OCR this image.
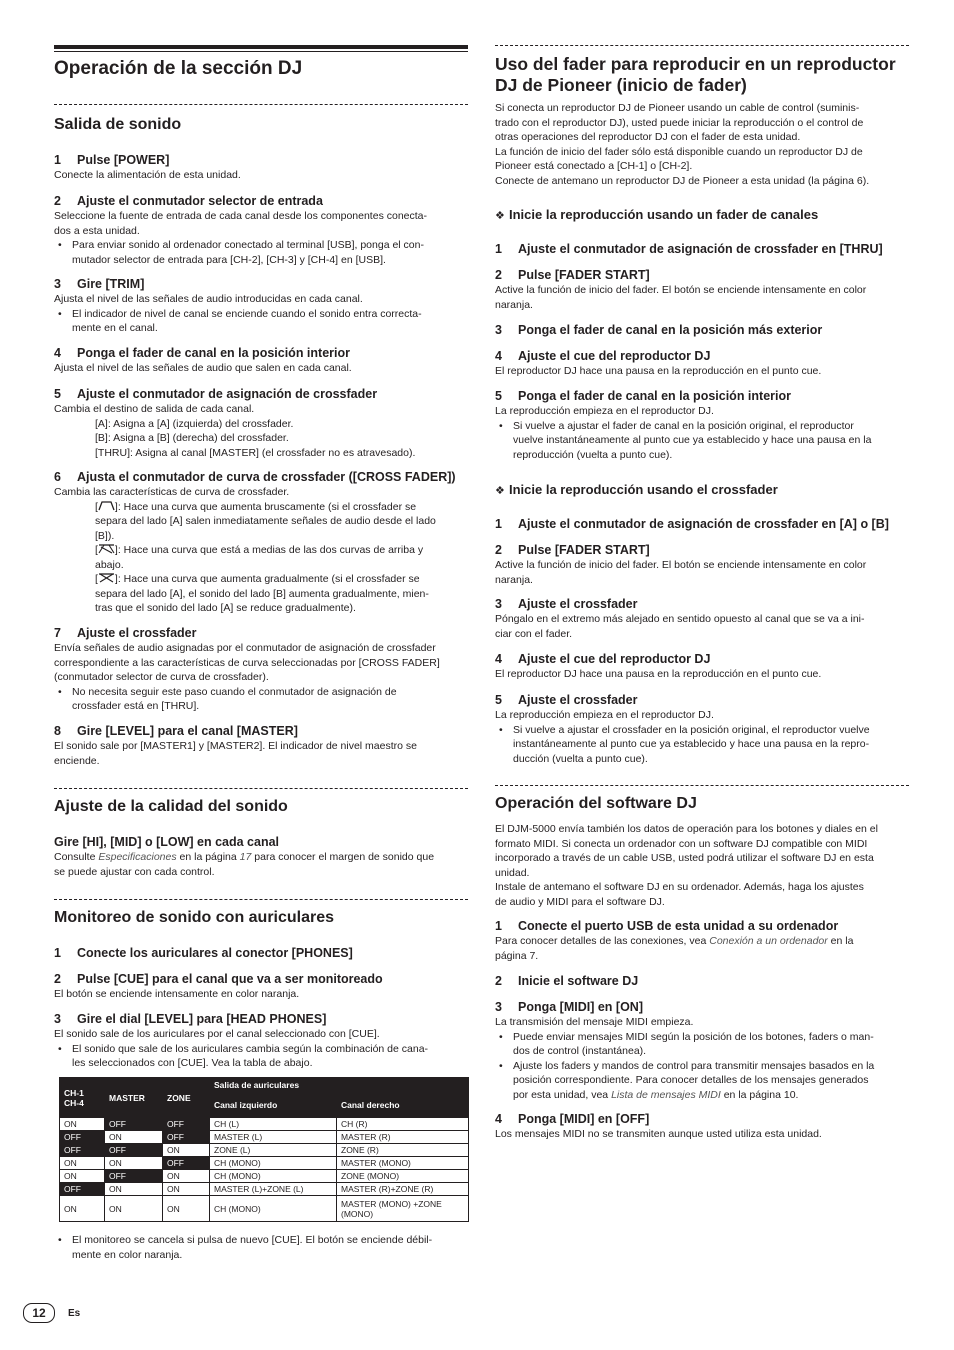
Operación de la sección DJ
Salida de sonido
1 Pulse [POWER]

Conecte la alimentación de esta unidad.

2 Ajuste el conmutador selector de entrada

Seleccione la fuente de entrada de cada canal desde los componentes conecta-

dos a esta unidad.

• Para enviar sonido al ordenador conectado al terminal [USB], ponga el con-
mutador selector de entrada para [CH-2], [CH-3] y [CH-4] en [USB].
3 Gire [TRIM]

Ajusta el nivel de las señales de audio introducidas en cada canal.

• El indicador de nivel de canal se enciende cuando el sonido entra correcta-
mente en el canal.
4 Ponga el fader de canal en la posición interior

Ajusta el nivel de las señales de audio que salen en cada canal.

5 Ajuste el conmutador de asignación de crossfader

Cambia el destino de salida de cada canal.

[A]: Asigna a [A] (izquierda) del crossfader.
[B]: Asigna a [B] (derecha) del crossfader.
[THRU]: Asigna al canal [MASTER] (el crossfader no es atravesado).
6 Ajusta el conmutador de curva de crossfader ([CROSS FADER])

Cambia las características de curva de crossfader.

[ ]: Hace una curva que aumenta bruscamente (si el crossfader se
separa del lado [A] salen inmediatamente señales de audio desde el lado
[B]).
[ ]: Hace una curva que está a medias de las dos curvas de arriba y
abajo.
[ ]: Hace una curva que aumenta gradualmente (si el crossfader se
separa del lado [A], el sonido del lado [B] aumenta gradualmente, mien-
tras que el sonido del lado [A] se reduce gradualmente).
7 Ajuste el crossfader

Envía señales de audio asignadas por el conmutador de asignación de crossfader

correspondiente a las características de curva seleccionadas por [CROSS FADER]

(conmutador selector de curva de crossfader).

• No necesita seguir este paso cuando el conmutador de asignación de
crossfader está en [THRU].
8 Gire [LEVEL] para el canal [MASTER]

El sonido sale por [MASTER1] y [MASTER2]. El indicador de nivel maestro se

enciende.

Ajuste de la calidad del sonido
Gire [HI], [MID] o [LOW] en cada canal

Consulte Especificaciones en la página 17 para conocer el margen de sonido que

se puede ajustar con cada control.

Monitoreo de sonido con auriculares
1 Conecte los auriculares al conector [PHONES]
2 Pulse [CUE] para el canal que va a ser monitoreado

El botón se enciende intensamente en color naranja.

3 Gire el dial [LEVEL] para [HEAD PHONES]

El sonido sale de los auriculares por el canal seleccionado con [CUE].

• El sonido que sale de los auriculares cambia según la combinación de cana-
les seleccionados con [CUE]. Vea la tabla de abajo.
CH-1
CH-4	MASTER	ZONE	Salida de auriculares	
			Canal izquierdo	Canal derecho
ON	OFF	OFF	CH (L)	CH (R)
OFF	ON	OFF	MASTER (L)	MASTER (R)
OFF	OFF	ON	ZONE (L)	ZONE (R)
ON	ON	OFF	CH (MONO)	MASTER (MONO)
ON	OFF	ON	CH (MONO)	ZONE (MONO)
OFF	ON	ON	MASTER (L)+ZONE (L)	MASTER (R)+ZONE (R)
ON	ON	ON	CH (MONO)	MASTER (MONO) +ZONE (MONO)
• El monitoreo se cancela si pulsa de nuevo [CUE]. El botón se enciende débil-
mente en color naranja.
Uso del fader para reproducir en un reproductor
DJ de Pioneer (inicio de fader)

Si conecta un reproductor DJ de Pioneer usando un cable de control (suminis-

trado con el reproductor DJ), usted puede iniciar la reproducción o el control de

otras operaciones del reproductor DJ con el fader de esta unidad.

La función de inicio del fader sólo está disponible cuando un reproductor DJ de

Pioneer está conectado a [CH-1] o [CH-2].

Conecte de antemano un reproductor DJ de Pioneer a esta unidad (la página 6).

❖ Inicie la reproducción usando un fader de canales
1 Ajuste el conmutador de asignación de crossfader en [THRU]
2 Pulse [FADER START]

Active la función de inicio del fader. El botón se enciende intensamente en color

naranja.

3 Ponga el fader de canal en la posición más exterior
4 Ajuste el cue del reproductor DJ

El reproductor DJ hace una pausa en la reproducción en el punto cue.

5 Ponga el fader de canal en la posición interior

La reproducción empieza en el reproductor DJ.

• Si vuelve a ajustar el fader de canal en la posición original, el reproductor
vuelve instantáneamente al punto cue ya establecido y hace una pausa en la
reproducción (vuelta a punto cue).
❖ Inicie la reproducción usando el crossfader
1 Ajuste el conmutador de asignación de crossfader en [A] o [B]
2 Pulse [FADER START]

Active la función de inicio del fader. El botón se enciende intensamente en color

naranja.

3 Ajuste el crossfader

Póngalo en el extremo más alejado en sentido opuesto al canal que se va a ini-

ciar con el fader.

4 Ajuste el cue del reproductor DJ

El reproductor DJ hace una pausa en la reproducción en el punto cue.

5 Ajuste el crossfader

La reproducción empieza en el reproductor DJ.

• Si vuelve a ajustar el crossfader en la posición original, el reproductor vuelve
instantáneamente al punto cue ya establecido y hace una pausa en la repro-
ducción (vuelta a punto cue).
Operación del software DJ

El DJM-5000 envía también los datos de operación para los botones y diales en el

formato MIDI. Si conecta un ordenador con un software DJ compatible con MIDI

incorporado a través de un cable USB, usted podrá utilizar el software DJ en esta

unidad.

Instale de antemano el software DJ en su ordenador. Además, haga los ajustes

de audio y MIDI para el software DJ.

1 Conecte el puerto USB de esta unidad a su ordenador

Para conocer detalles de las conexiones, vea Conexión a un ordenador en la

página 7.

2 Inicie el software DJ
3 Ponga [MIDI] en [ON]

La transmisión del mensaje MIDI empieza.

• Puede enviar mensajes MIDI según la posición de los botones, faders o man-
dos de control (instantánea).
• Ajuste los faders y mandos de control para transmitir mensajes basados en la
posición correspondiente. Para conocer detalles de los mensajes generados
por esta unidad, vea Lista de mensajes MIDI en la página 10.
4 Ponga [MIDI] en [OFF]

Los mensajes MIDI no se transmiten aunque usted utiliza esta unidad.

12	Es
